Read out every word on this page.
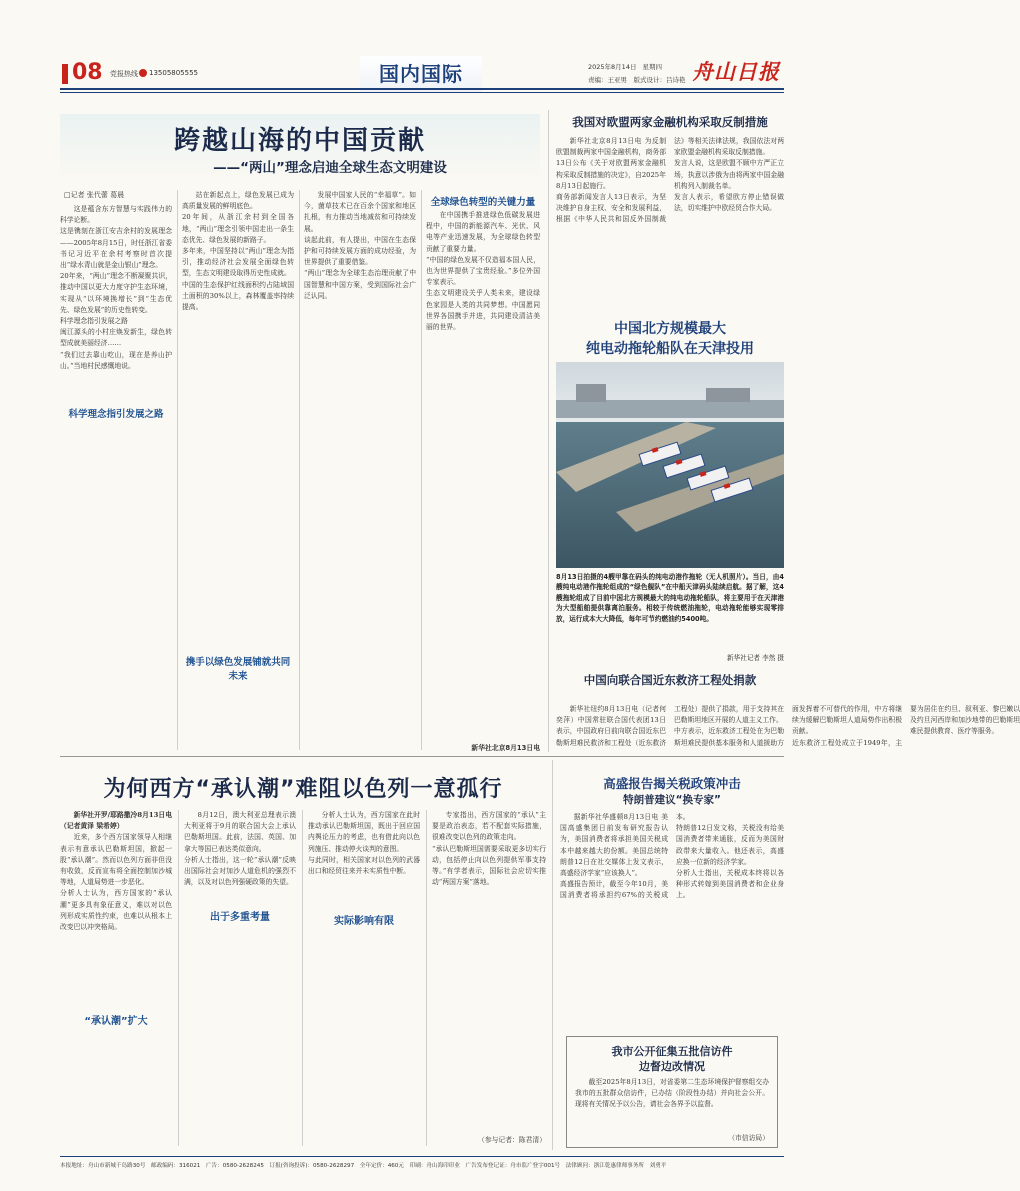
08 党报热线 13505805555	国内国际	2025年8月14日 星期四
责编：王亚男　版式设计：吕诗艳 舟山日报
跨越山海的中国贡献
——“两山”理念启迪全球生态文明建设
□记者 张代蕾 葛晨

这是蕴含东方智慧与实践伟力的科学论断。
这是镌刻在浙江安吉余村的发展理念——2005年8月15日，时任浙江省委书记习近平在余村考察时首次提出“绿水青山就是金山银山”理念。
20年来，“两山”理念不断凝聚共识，推动中国以更大力度守护生态环境，实现从“以环境换增长”到“生态优先、绿色发展”的历史性转变。
科学理念指引发展之路
闽江源头的小村庄焕发新生，绿色转型成就美丽经济……
“我们过去靠山吃山，现在是养山护山。”当地村民感慨地说。

科学理念指引发展之路

站在新起点上，绿色发展已成为高质量发展的鲜明底色。
20年间，从浙江余村到全国各地，“两山”理念引领中国走出一条生态优先、绿色发展的新路子。
多年来，中国坚持以“两山”理念为指引，推动经济社会发展全面绿色转型，生态文明建设取得历史性成就。
中国的生态保护红线面积约占陆域国土面积的30%以上，森林覆盖率持续提高。

携手以绿色发展铺就共同未来

发展中国家人民的“幸福草”。如今，菌草技术已在百余个国家和地区扎根，有力推动当地减贫和可持续发展。
谈起此前，有人提出，中国在生态保护和可持续发展方面的成功经验，为世界提供了重要借鉴。
“两山”理念为全球生态治理贡献了中国智慧和中国方案，受到国际社会广泛认同。

全球绿色转型的关键力量

在中国携手推进绿色低碳发展进程中，中国的新能源汽车、光伏、风电等产业迅速发展，为全球绿色转型贡献了重要力量。
“中国的绿色发展不仅造福本国人民，也为世界提供了宝贵经验。”多位外国专家表示。
生态文明建设关乎人类未来，建设绿色家园是人类的共同梦想。中国愿同世界各国携手并进，共同建设清洁美丽的世界。

新华社北京8月13日电
我国对欧盟两家金融机构采取反制措施

新华社北京8月13日电 为反制欧盟制裁两家中国金融机构，商务部13日公布《关于对欧盟两家金融机构采取反制措施的决定》，自2025年8月13日起施行。
商务部新闻发言人13日表示，为坚决维护自身主权、安全和发展利益，根据《中华人民共和国反外国制裁法》等相关法律法规，我国依法对两家欧盟金融机构采取反制措施。
发言人说，这是欧盟不顾中方严正立场，执意以涉俄为由将两家中国金融机构列入制裁名单。
发言人表示，希望欧方停止错误做法，切实维护中欧经贸合作大局。

中国北方规模最大
纯电动拖轮船队在天津投用
8月13日拍摄的4艘甲靠在码头的纯电动港作拖轮（无人机照片）。当日，由4艘纯电动港作拖轮组成的“绿色舰队”在中船天津码头陆续启航。据了解，这4艘拖轮组成了目前中国北方规模最大的纯电动拖轮船队，将主要用于在天津港为大型船舶提供靠离泊服务。相较于传统燃油拖轮，电动拖轮能够实现零排放，运行成本大大降低，每年可节约燃油约5400吨。
新华社记者 李然 摄
中国向联合国近东救济工程处捐款

新华社纽约8月13日电（记者何奕萍）中国常驻联合国代表团13日表示，中国政府日前向联合国近东巴勒斯坦难民救济和工程处（近东救济工程处）提供了捐款，用于支持其在巴勒斯坦地区开展的人道主义工作。
中方表示，近东救济工程处在为巴勒斯坦难民提供基本服务和人道援助方面发挥着不可替代的作用，中方将继续为缓解巴勒斯坦人道局势作出积极贡献。
近东救济工程处成立于1949年，主要为居住在约旦、叙利亚、黎巴嫩以及约旦河西岸和加沙地带的巴勒斯坦难民提供教育、医疗等服务。

为何西方“承认潮”难阻以色列一意孤行

新华社开罗/耶路撒冷8月13日电（记者黄泽 梁希婷）

近来，多个西方国家领导人相继表示有意承认巴勒斯坦国，掀起一股“承认潮”。然而以色列方面非但没有收敛，反而宣布将全面控制加沙城等地，人道局势进一步恶化。
分析人士认为，西方国家的“承认潮”更多具有象征意义，难以对以色列形成实质性约束，也难以从根本上改变巴以冲突格局。

“承认潮”扩大

8月12日，澳大利亚总理表示澳大利亚将于9月的联合国大会上承认巴勒斯坦国。此前，法国、英国、加拿大等国已表达类似意向。
分析人士指出，这一轮“承认潮”反映出国际社会对加沙人道危机的强烈不满，以及对以色列强硬政策的失望。

出于多重考量

分析人士认为，西方国家在此时推动承认巴勒斯坦国，既出于回应国内舆论压力的考虑，也有借此向以色列施压、推动停火谈判的意图。
与此同时，相关国家对以色列的武器出口和经贸往来并未实质性中断。

实际影响有限

专家指出，西方国家的“承认”主要是政治表态，若不配套实际措施，很难改变以色列的政策走向。
“承认巴勒斯坦国需要采取更多切实行动，包括停止向以色列提供军事支持等。”有学者表示，国际社会应切实推动“两国方案”落地。

（参与记者：陈君清）
高盛报告揭关税政策冲击
特朗普建议“换专家”

据新华社华盛顿8月13日电 美国高盛集团日前发布研究报告认为，美国消费者将承担美国关税成本中越来越大的份额。美国总统特朗普12日在社交媒体上发文表示，高盛经济学家“应该换人”。
高盛报告预计，截至今年10月，美国消费者将承担约67%的关税成本。
特朗普12日发文称，关税没有给美国消费者带来通胀，反而为美国财政带来大量收入。他还表示，高盛应换一位新的经济学家。
分析人士指出，关税成本终将以各种形式转嫁到美国消费者和企业身上。

我市公开征集五批信访件
边督边改情况

截至2025年8月13日，对省委第二生态环境保护督察组交办我市的五批群众信访件，已办结（阶段性办结）并向社会公开。现将有关情况予以公告，请社会各界予以监督。

（市信访局）
本报地址：舟山市新城千岛路30号　邮政编码：316021　广告：0580-2628245　订报(咨询投诉)：0580-2628297　全年定价：460元　印刷：舟山海印印业　广告发布登记证：舟市监广登字001号　法律顾问：浙江乾惠律师事务所　刘勇平
